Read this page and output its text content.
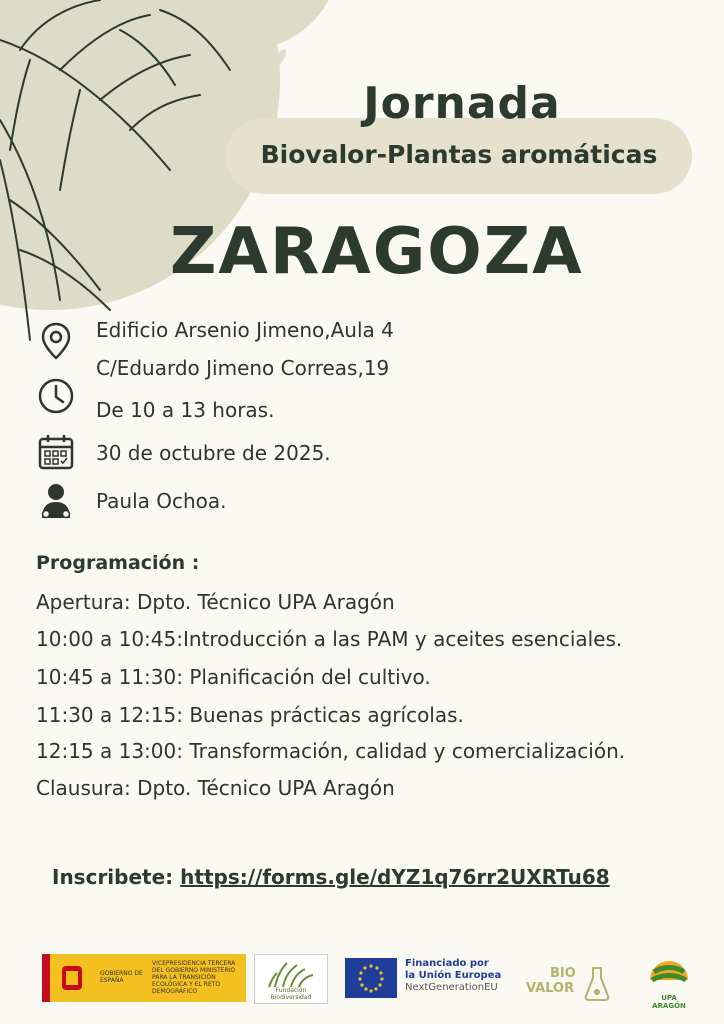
Jornada
Biovalor-Plantas aromáticas
ZARAGOZA
Edificio Arsenio Jimeno,Aula 4
C/Eduardo Jimeno Correas,19
De 10 a 13 horas.
30 de octubre de 2025.
Paula Ochoa.
Programación :
Apertura: Dpto. Técnico UPA Aragón
10:00 a 10:45:Introducción a las PAM y aceites esenciales.
10:45 a 11:30: Planificación del cultivo.
11:30 a 12:15: Buenas prácticas agrícolas.
12:15 a 13:00: Transformación, calidad y comercialización.
Clausura: Dpto. Técnico UPA Aragón
Inscribete: https://forms.gle/dYZ1q76rr2UXRTu68
GOBIERNO DE ESPAÑA
VICEPRESIDENCIA TERCERA DEL GOBIERNO MINISTERIO PARA LA TRANSICIÓN ECOLÓGICA Y EL RETO DEMOGRÁFICO	Fundación Biodiversidad
Financiado por
la Unión Europea
NextGenerationEU
BIO
VALOR
UPA ARAGÓN
